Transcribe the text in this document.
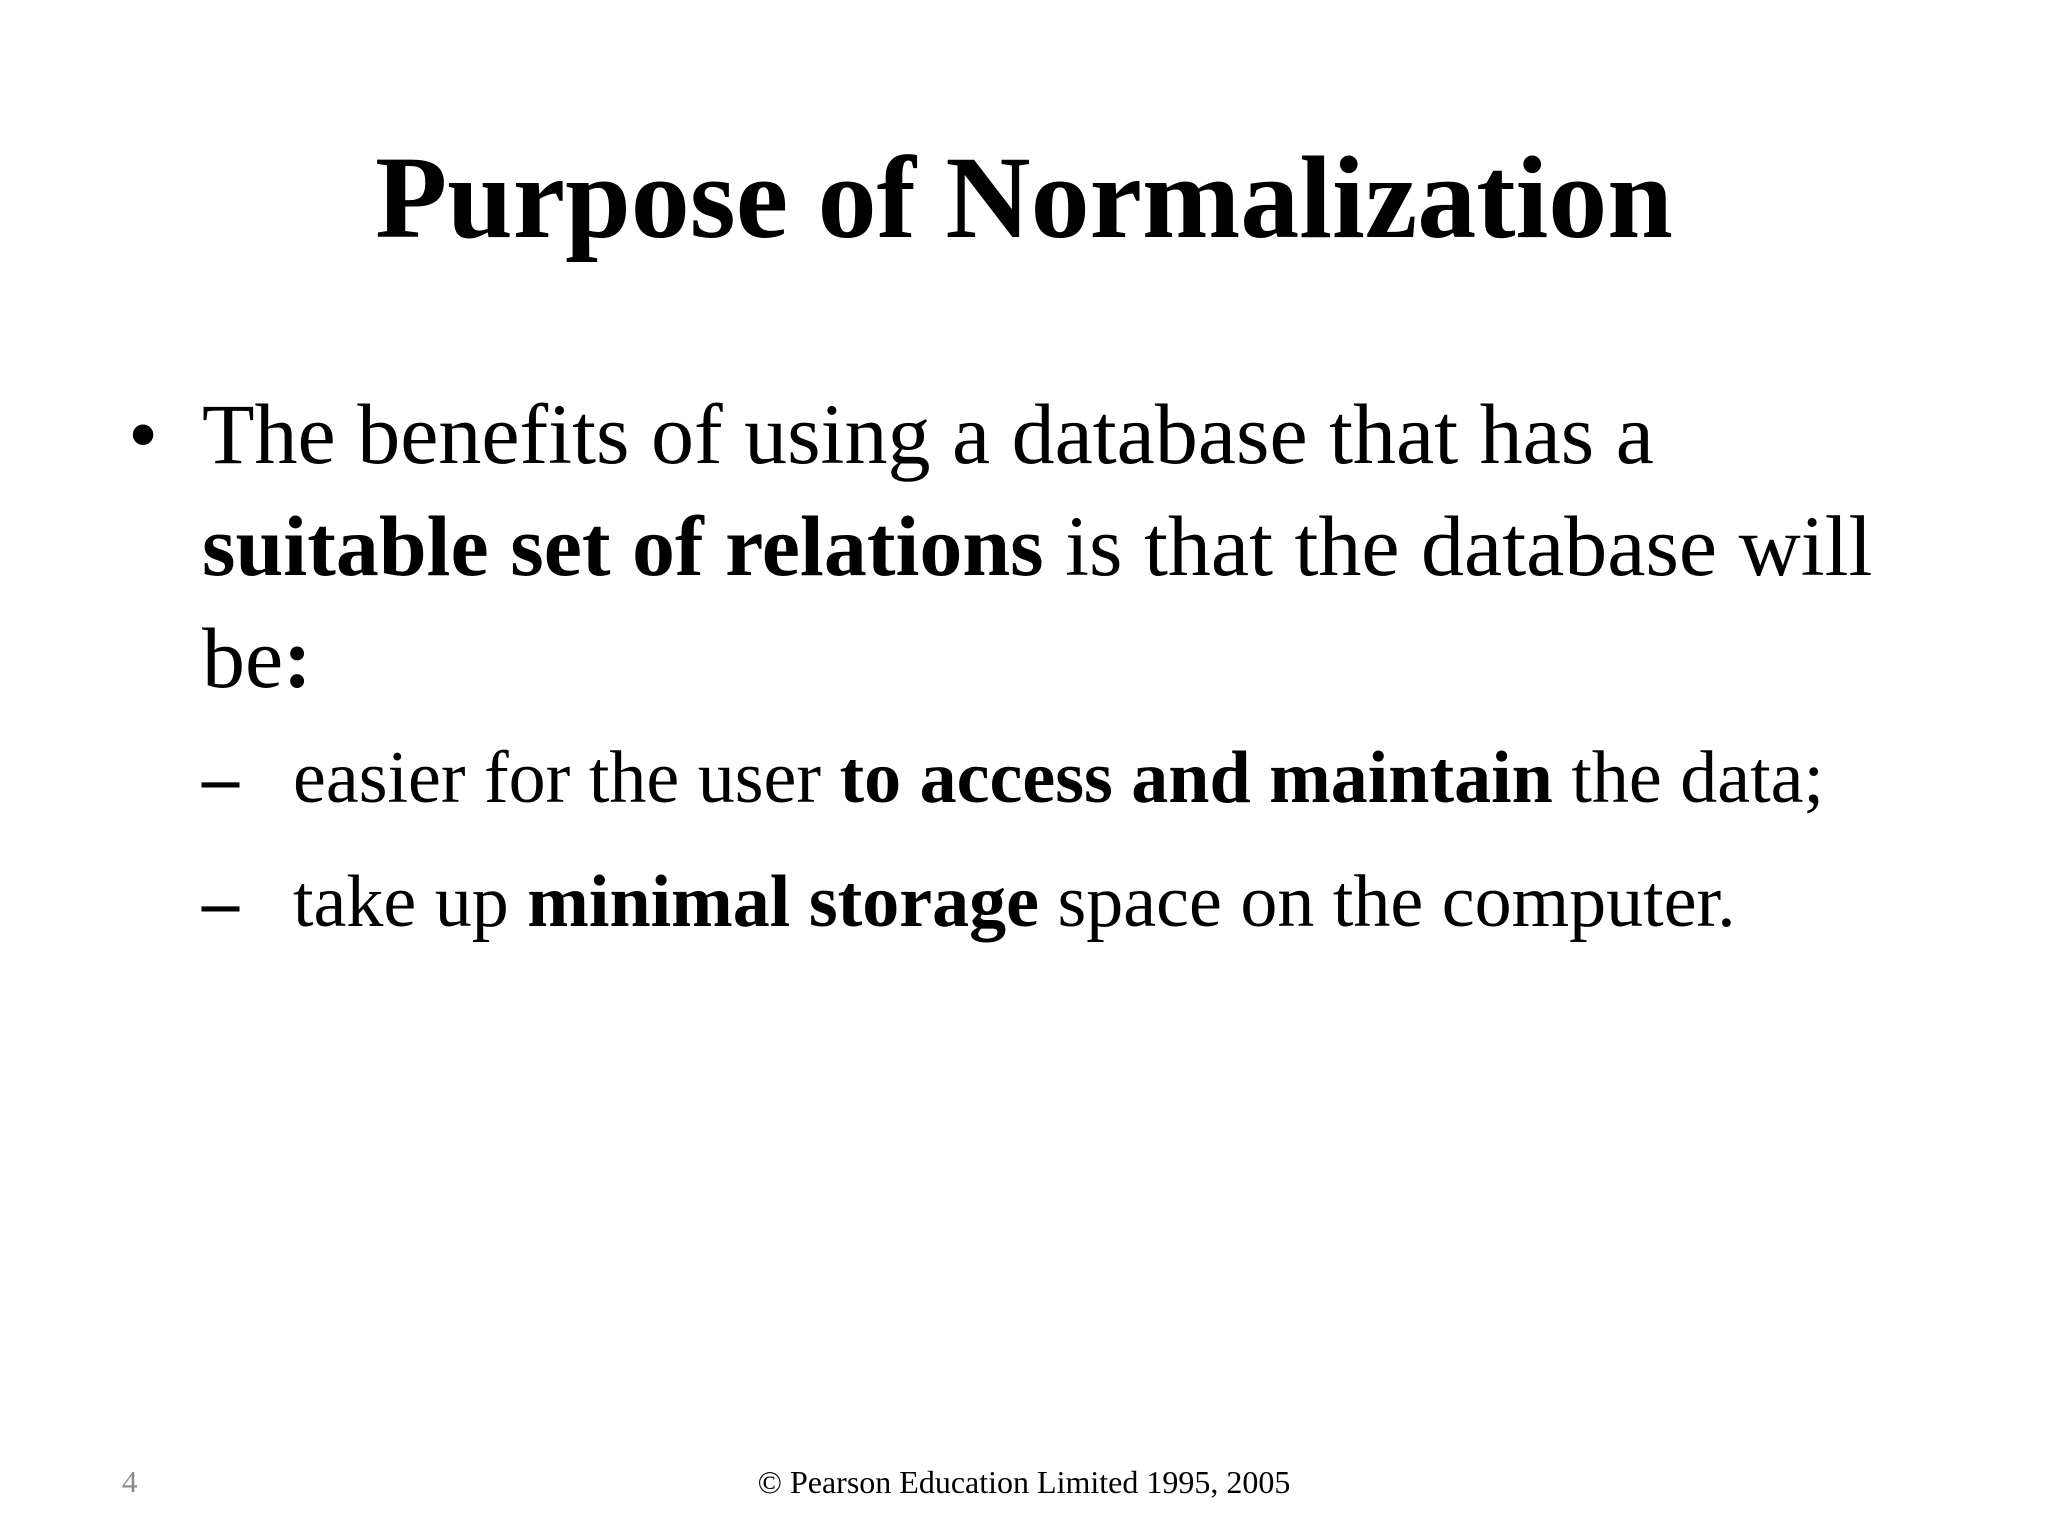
Purpose of Normalization
• The benefits of using a database that has a suitable set of relations is that the database will be:
– easier for the user to access and maintain the data;
– take up minimal storage space on the computer.
4	© Pearson Education Limited 1995, 2005
